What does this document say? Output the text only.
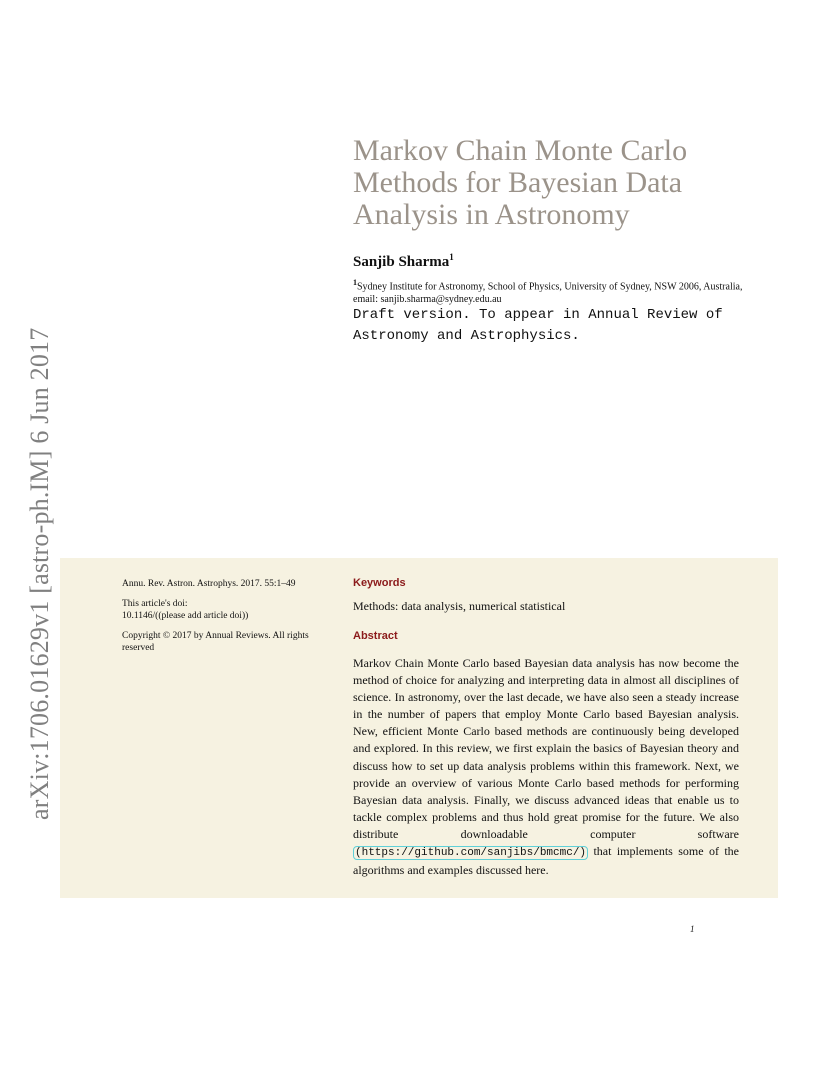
arXiv:1706.01629v1 [astro-ph.IM] 6 Jun 2017
Markov Chain Monte Carlo Methods for Bayesian Data Analysis in Astronomy
Sanjib Sharma$^1$
$^1$Sydney Institute for Astronomy, School of Physics, University of Sydney, NSW 2006, Australia, email: sanjib.sharma@sydney.edu.au
Draft version. To appear in Annual Review of Astronomy and Astrophysics.

Annu. Rev. Astron. Astrophys. 2017. 55:1–49

This article's doi:
10.1146/((please add article doi))

Copyright © 2017 by Annual Reviews. All rights reserved

Keywords
Methods: data analysis, numerical statistical
Abstract

Markov Chain Monte Carlo based Bayesian data analysis has now become the method of choice for analyzing and interpreting data in almost all disciplines of science. In astronomy, over the last decade, we have also seen a steady increase in the number of papers that employ Monte Carlo based Bayesian analysis. New, efficient Monte Carlo based methods are continuously being developed and explored. In this review, we first explain the basics of Bayesian theory and discuss how to set up data analysis problems within this framework. Next, we provide an overview of various Monte Carlo based methods for performing Bayesian data analysis. Finally, we discuss advanced ideas that enable us to tackle complex problems and thus hold great promise for the future. We also distribute downloadable computer software (https://github.com/sanjibs/bmcmc/) that implements some of the algorithms and examples discussed here.

1
